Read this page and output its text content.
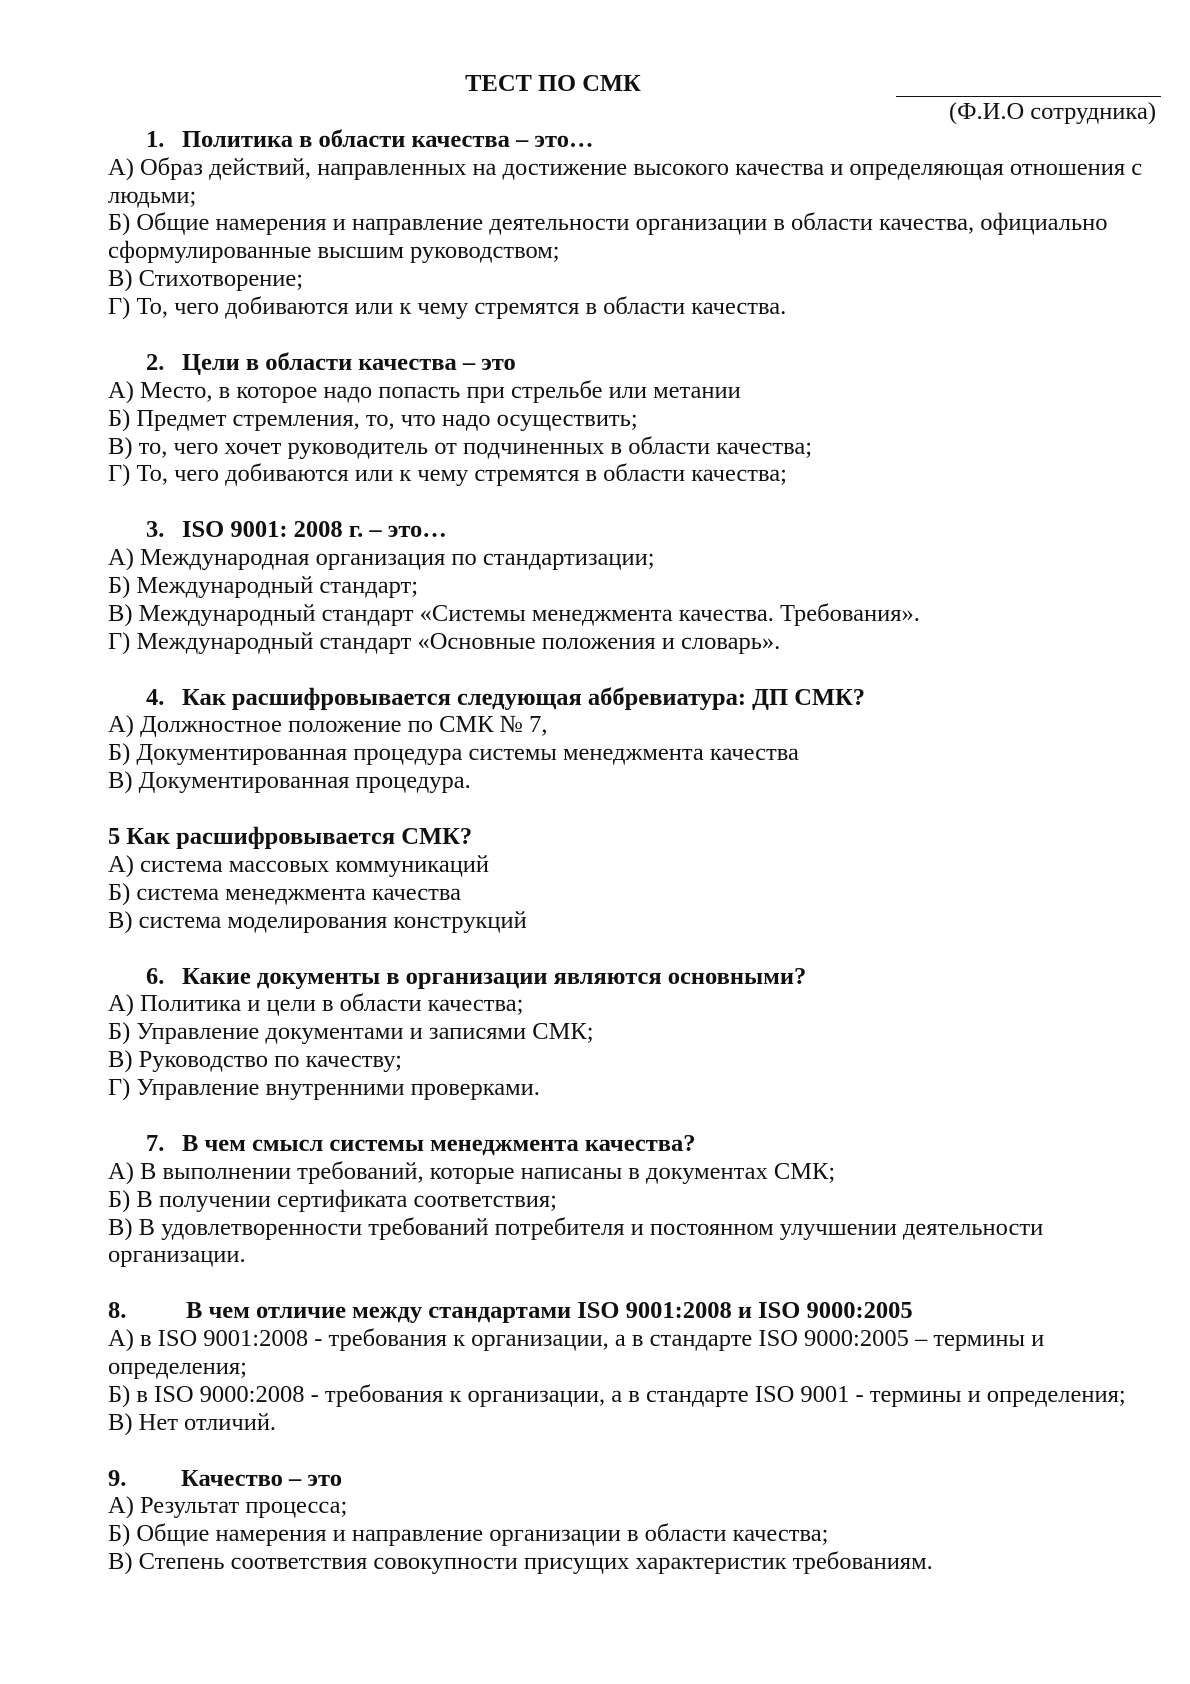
ТЕСТ ПО СМК
(Ф.И.О сотрудника)
1. Политика в области качества – это…
А) Образ действий, направленных на достижение высокого качества и определяющая отношения с
людьми;
Б) Общие намерения и направление деятельности организации в области качества, официально
сформулированные высшим руководством;
В) Стихотворение;
Г) То, чего добиваются или к чему стремятся в области качества.
2. Цели в области качества – это
А) Место, в которое надо попасть при стрельбе или метании
Б) Предмет стремления, то, что надо осуществить;
В) то, чего хочет руководитель от подчиненных в области качества;
Г) То, чего добиваются или к чему стремятся в области качества;
3. ISO 9001: 2008 г. – это…
А) Международная организация по стандартизации;
Б) Международный стандарт;
В) Международный стандарт «Системы менеджмента качества. Требования».
Г) Международный стандарт «Основные положения и словарь».
4. Как расшифровывается следующая аббревиатура: ДП СМК?
А) Должностное положение по СМК № 7,
Б) Документированная процедура системы менеджмента качества
В) Документированная процедура.
5 Как расшифровывается СМК?
А) система массовых коммуникаций
Б) система менеджмента качества
В) система моделирования конструкций
6. Какие документы в организации являются основными?
А) Политика и цели в области качества;
Б) Управление документами и записями СМК;
В) Руководство по качеству;
Г) Управление внутренними проверками.
7. В чем смысл системы менеджмента качества?
А) В выполнении требований, которые написаны в документах СМК;
Б) В получении сертификата соответствия;
В) В удовлетворенности требований потребителя и постоянном улучшении деятельности
организации.
8. В чем отличие между стандартами ISO 9001:2008 и ISO 9000:2005
А) в ISO 9001:2008 - требования к организации, а в стандарте ISO 9000:2005 – термины и
определения;
Б) в ISO 9000:2008 - требования к организации, а в стандарте ISO 9001 - термины и определения;
В) Нет отличий.
9. Качество – это
А) Результат процесса;
Б) Общие намерения и направление организации в области качества;
В) Степень соответствия совокупности присущих характеристик требованиям.
